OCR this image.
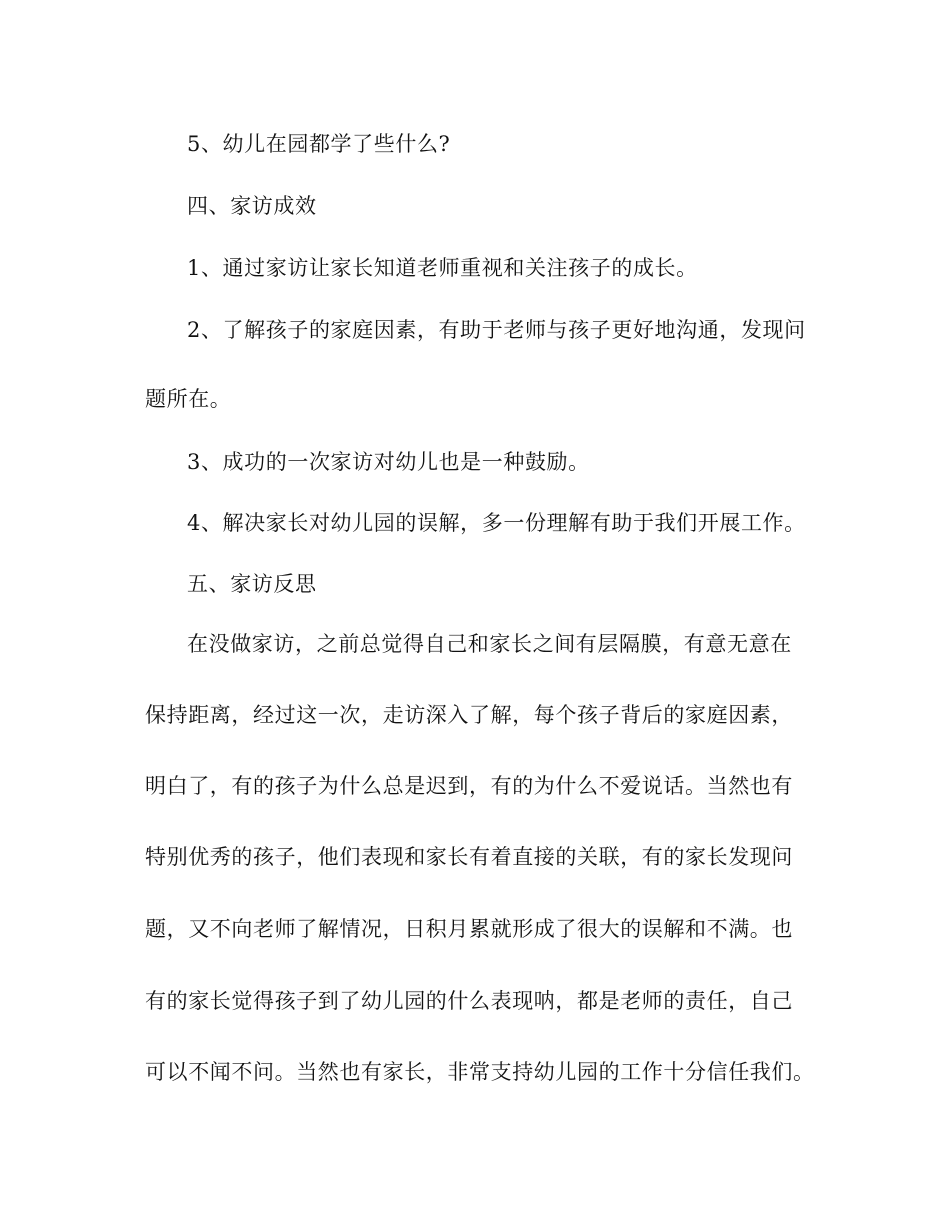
5、幼儿在园都学了些什么?
四、家访成效
1、通过家访让家长知道老师重视和关注孩子的成长。
2、了解孩子的家庭因素，有助于老师与孩子更好地沟通，发现问
题所在。
3、成功的一次家访对幼儿也是一种鼓励。
4、解决家长对幼儿园的误解，多一份理解有助于我们开展工作。
五、家访反思
在没做家访，之前总觉得自己和家长之间有层隔膜，有意无意在
保持距离，经过这一次，走访深入了解，每个孩子背后的家庭因素，
明白了，有的孩子为什么总是迟到，有的为什么不爱说话。当然也有
特别优秀的孩子，他们表现和家长有着直接的关联，有的家长发现问
题，又不向老师了解情况，日积月累就形成了很大的误解和不满。也
有的家长觉得孩子到了幼儿园的什么表现呐，都是老师的责任，自己
可以不闻不问。当然也有家长，非常支持幼儿园的工作十分信任我们。
